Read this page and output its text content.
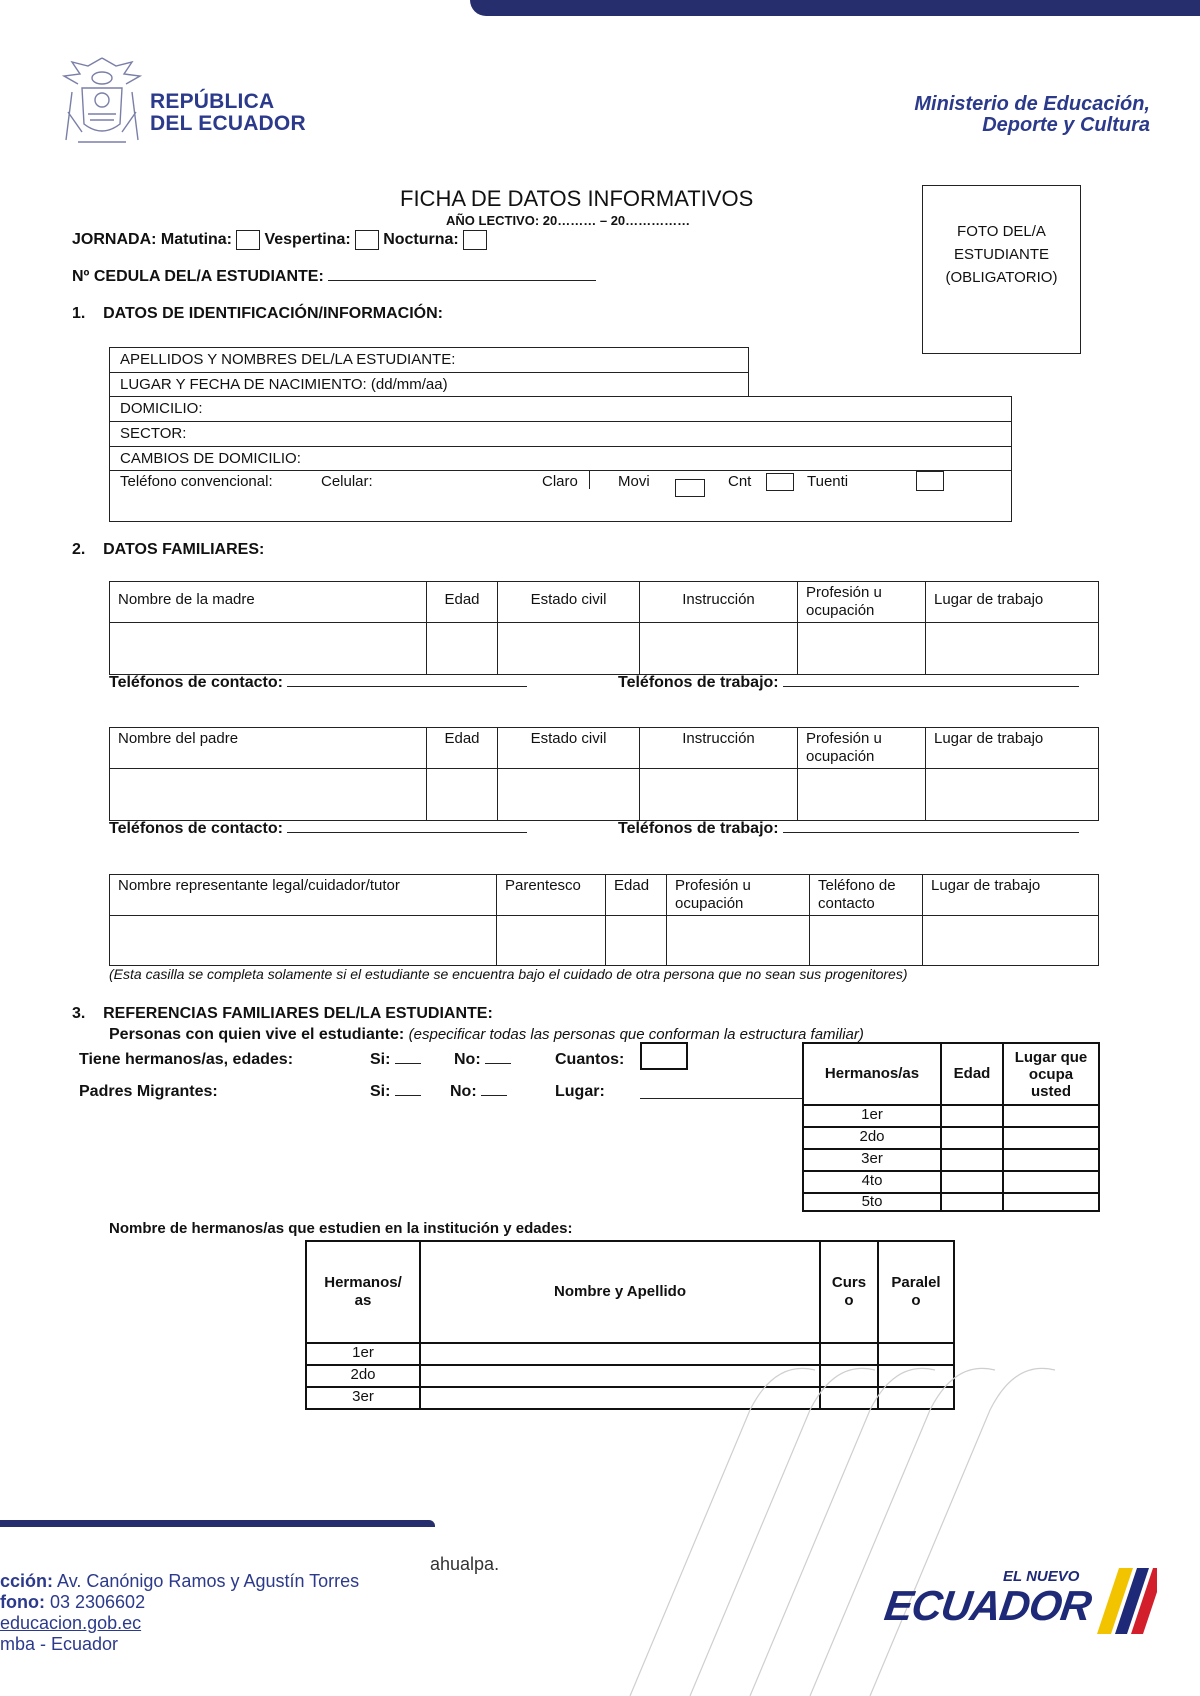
REPÚBLICA
DEL ECUADOR
Ministerio de Educación,
Deporte y Cultura
FICHA DE DATOS INFORMATIVOS
AÑO LECTIVO: 20……… – 20……………
JORNADA: Matutina: Vespertina: Nocturna:
Nº CEDULA DEL/A ESTUDIANTE:
FOTO DEL/A
ESTUDIANTE
(OBLIGATORIO)
1.    DATOS DE IDENTIFICACIÓN/INFORMACIÓN:
APELLIDOS Y NOMBRES DEL/LA ESTUDIANTE:
LUGAR Y FECHA DE NACIMIENTO: (dd/mm/aa)
DOMICILIO:
SECTOR:
CAMBIOS DE DOMICILIO:
Teléfono convencional:	Celular:	Claro	Movi	Cnt	Tuenti
2.    DATOS FAMILIARES:
Nombre de la madre	Edad	Estado civil	Instrucción	Profesión u ocupación	Lugar de trabajo

Teléfonos de contacto:	Teléfonos de trabajo:
Nombre del padre	Edad	Estado civil	Instrucción	Profesión u ocupación	Lugar de trabajo

Teléfonos de contacto:	Teléfonos de trabajo:
Nombre representante legal/cuidador/tutor	Parentesco	Edad	Profesión u ocupación	Teléfono de contacto	Lugar de trabajo

(Esta casilla se completa solamente si el estudiante se encuentra bajo el cuidado de otra persona que no sean sus progenitores)
3.    REFERENCIAS FAMILIARES DEL/LA ESTUDIANTE:
Personas con quien vive el estudiante: (especificar todas las personas que conforman la estructura familiar)
Tiene hermanos/as, edades:	Si:	No:	Cuantos:
Padres Migrantes:	Si:	No:	Lugar:
Hermanos/as	Edad	Lugar que ocupa usted
1er		
2do		
3er		
4to		
5to		
Nombre de hermanos/as que estudien en la institución y edades:
Hermanos/ as	Nombre y Apellido	Curs o	Paralel o
1er			
2do			
3er			
ahualpa.
cción: Av. Canónigo Ramos y Agustín Torres
fono: 03 2306602
educacion.gob.ec
mba - Ecuador
EL NUEVO
ECUADOR
